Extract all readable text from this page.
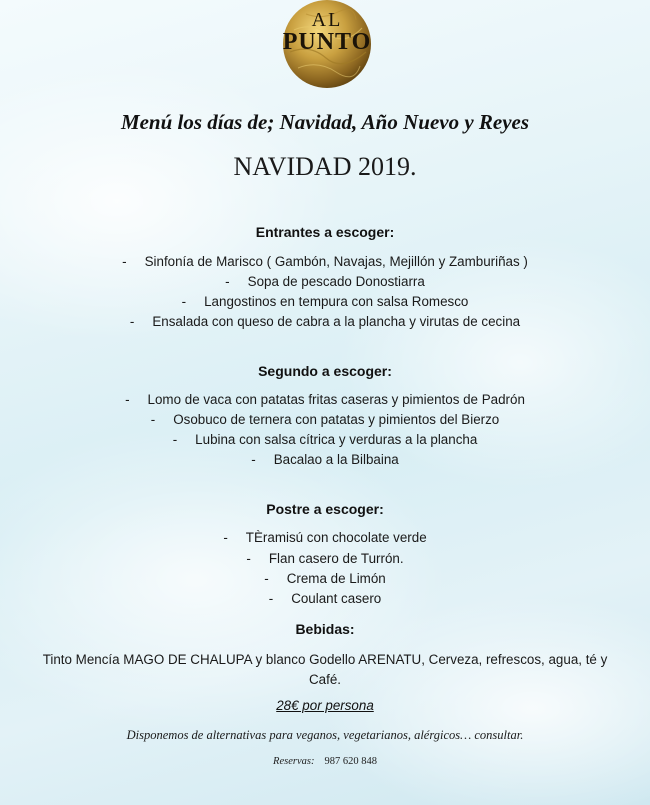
AL
PUNTO
Menú los días de; Navidad, Año Nuevo y Reyes
NAVIDAD 2019.
Entrantes a escoger:
- Sinfonía de Marisco ( Gambón, Navajas, Mejillón y Zamburiñas )
- Sopa de pescado Donostiarra
- Langostinos en tempura con salsa Romesco
- Ensalada con queso de cabra a la plancha y virutas de cecina
Segundo a escoger:
- Lomo de vaca con patatas fritas caseras y pimientos de Padrón
- Osobuco de ternera con patatas y pimientos del Bierzo
- Lubina con salsa cítrica y verduras a la plancha
- Bacalao a la Bilbaina
Postre a escoger:
- TÈramisú con chocolate verde
- Flan casero de Turrón.
- Crema de Limón
- Coulant casero
Bebidas:
Tinto Mencía MAGO DE CHALUPA y blanco Godello ARENATU, Cerveza, refrescos, agua, té y Café.
28€ por persona
Disponemos de alternativas para veganos, vegetarianos, alérgicos… consultar.
Reservas: 987 620 848
